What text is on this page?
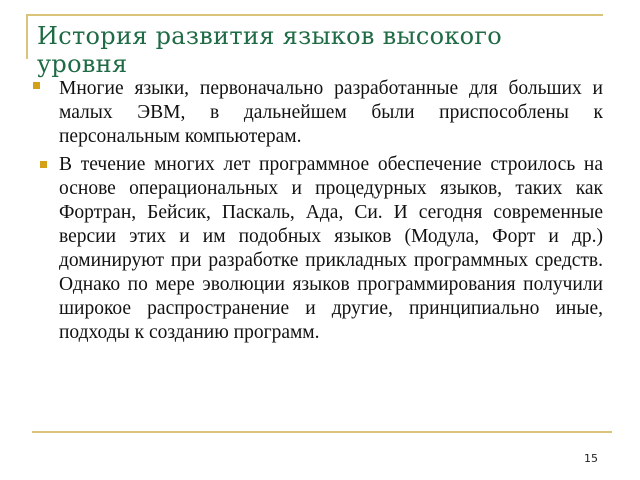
История развития языков высокого уровня
Многие языки, первоначально разработанные для больших и малых ЭВМ, в дальнейшем были приспособлены к персональным компьютерам.
В течение многих лет программное обеспечение строилось на основе операциональных и процедурных языков, таких как Фортран, Бейсик, Паскаль, Ада, Си. И сегодня современные версии этих и им подобных языков (Модула, Форт и др.) доминируют при разработке прикладных программных средств. Однако по мере эволюции языков программирования получили широкое распространение и другие, принципиально иные, подходы к созданию программ.
15
